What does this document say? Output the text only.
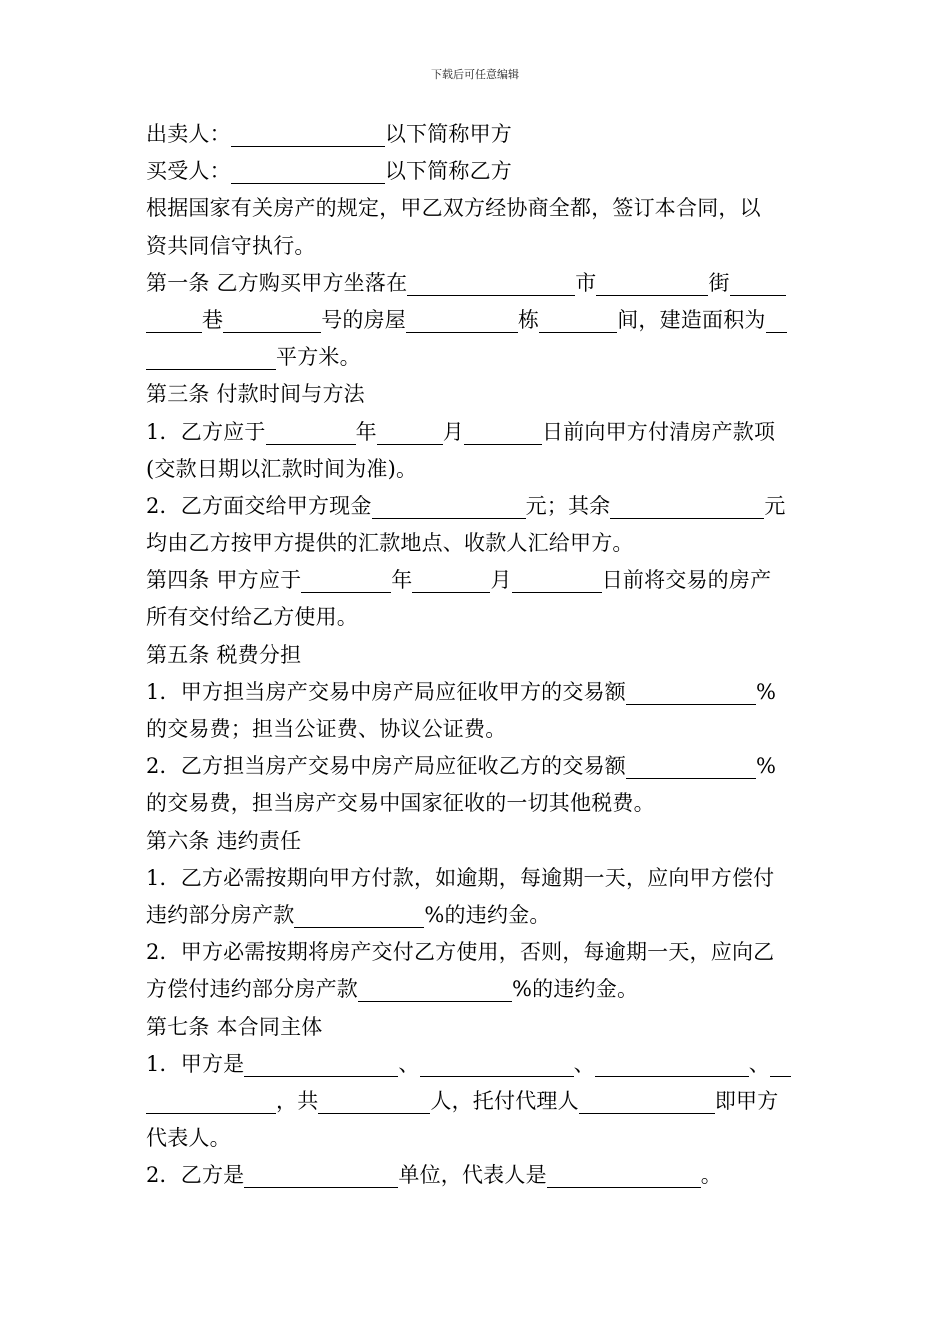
下载后可任意编辑
出卖人：	以下简称甲方
买受人：	以下简称乙方
根据国家有关房产的规定，甲乙双方经协商全都，签订本合同，以
资共同信守执行。
第一条 乙方购买甲方坐落在	市	街
巷	号的房屋	栋	间，建造面积为
平方米。
第三条 付款时间与方法
1．乙方应于	年	月	日前向甲方付清房产款项
(交款日期以汇款时间为准)。
2．乙方面交给甲方现金	元；其余	元
均由乙方按甲方提供的汇款地点、收款人汇给甲方。
第四条 甲方应于	年	月	日前将交易的房产
所有交付给乙方使用。
第五条 税费分担
1．甲方担当房产交易中房产局应征收甲方的交易额	%
的交易费；担当公证费、协议公证费。
2．乙方担当房产交易中房产局应征收乙方的交易额	%
的交易费，担当房产交易中国家征收的一切其他税费。
第六条 违约责任
1．乙方必需按期向甲方付款，如逾期，每逾期一天，应向甲方偿付
违约部分房产款	%的违约金。
2．甲方必需按期将房产交付乙方使用，否则，每逾期一天，应向乙
方偿付违约部分房产款	%的违约金。
第七条 本合同主体
1．甲方是	、	、	、
，共	人，托付代理人	即甲方
代表人。
2．乙方是	单位，代表人是	。
